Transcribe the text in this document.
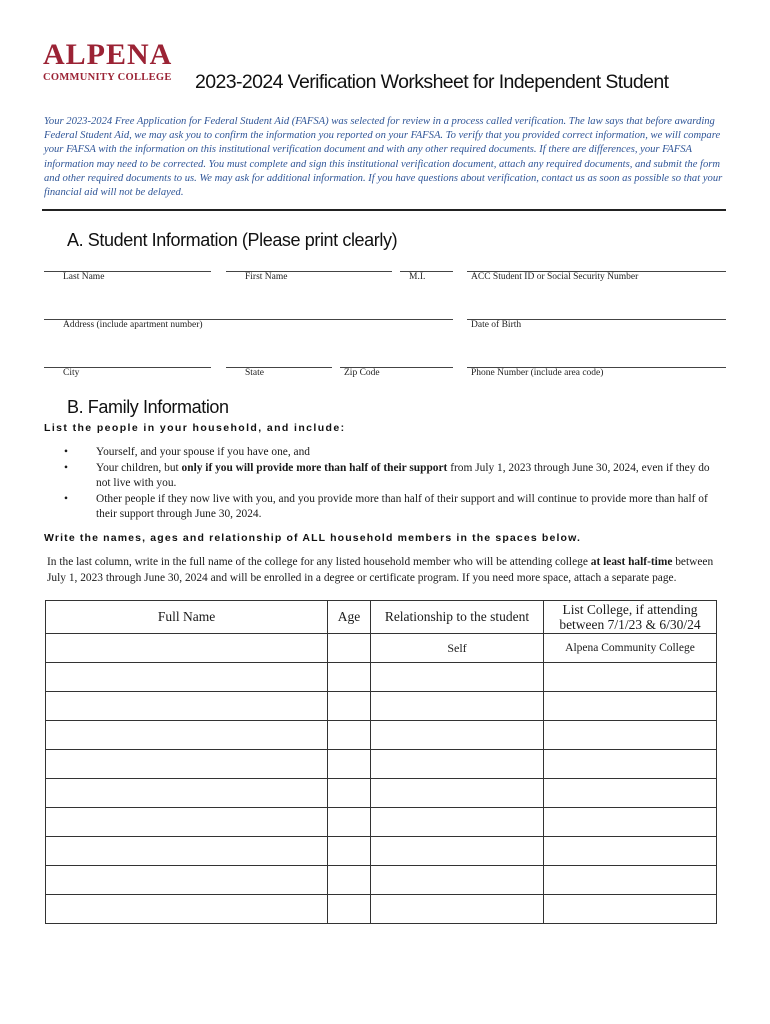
ALPENA
COMMUNITY COLLEGE	2023-2024 Verification Worksheet for Independent Student
Your 2023-2024 Free Application for Federal Student Aid (FAFSA) was selected for review in a process called verification. The law says that before awarding Federal Student Aid, we may ask you to confirm the information you reported on your FAFSA. To verify that you provided correct information, we will compare your FAFSA with the information on this institutional verification document and with any other required documents. If there are differences, your FAFSA information may need to be corrected. You must complete and sign this institutional verification document, attach any required documents, and submit the form and other required documents to us. We may ask for additional information. If you have questions about verification, contact us as soon as possible so that your financial aid will not be delayed.
A. Student Information (Please print clearly)
Last Name	First Name	M.I.	ACC Student ID or Social Security Number
Address (include apartment number)	Date of Birth
City	State	Zip Code	Phone Number (include area code)
B. Family Information
List the people in your household, and include:
• Yourself, and your spouse if you have one, and
• Your children, but only if you will provide more than half of their support from July 1, 2023 through June 30, 2024, even if they do not live with you.
• Other people if they now live with you, and you provide more than half of their support and will continue to provide more than half of their support through June 30, 2024.
Write the names, ages and relationship of ALL household members in the spaces below.
In the last column, write in the full name of the college for any listed household member who will be attending college at least half-time between July 1, 2023 through June 30, 2024 and will be enrolled in a degree or certificate program. If you need more space, attach a separate page.
Full Name	Age	Relationship to the student	List College, if attending between 7/1/23 & 6/30/24
		Self	Alpena Community College
